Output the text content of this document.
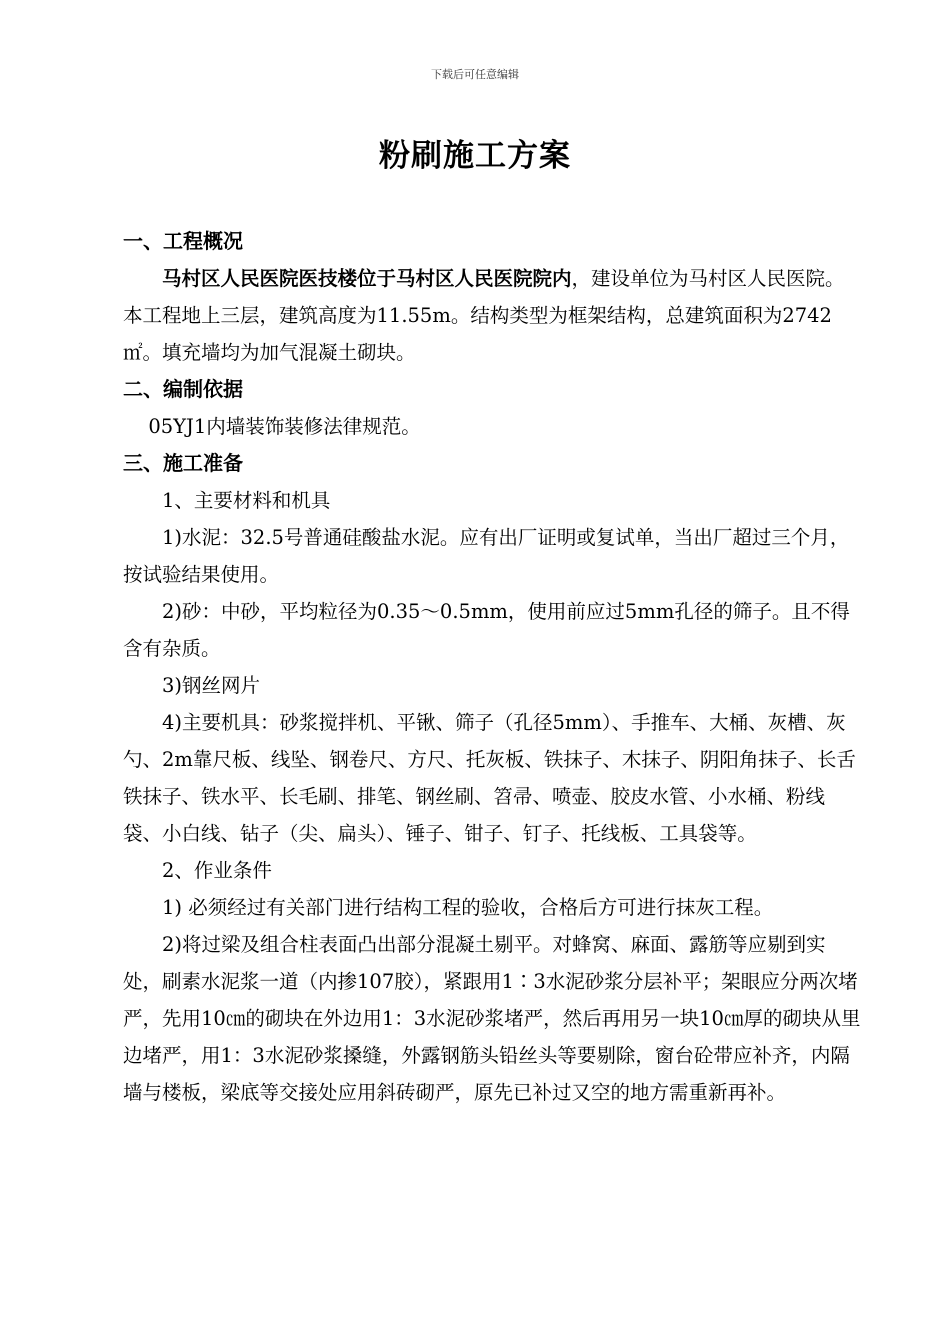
下载后可任意编辑
粉刷施工方案

一、工程概况

马村区人民医院医技楼位于马村区人民医院院内，建设单位为马村区人民医院。本工程地上三层，建筑高度为11.55m。结构类型为框架结构，总建筑面积为2742㎡。填充墙均为加气混凝土砌块。

二、编制依据

05YJ1内墙装饰装修法律规范。

三、施工准备

1、主要材料和机具

1)水泥：32.5号普通硅酸盐水泥。应有出厂证明或复试单，当出厂超过三个月，按试验结果使用。

2)砂：中砂，平均粒径为0.35～0.5mm，使用前应过5mm孔径的筛子。且不得含有杂质。

3)钢丝网片

4)主要机具：砂浆搅拌机、平锹、筛子（孔径5mm）、手推车、大桶、灰槽、灰勺、2m靠尺板、线坠、钢卷尺、方尺、托灰板、铁抹子、木抹子、阴阳角抹子、长舌铁抹子、铁水平、长毛刷、排笔、钢丝刷、笤帚、喷壶、胶皮水管、小水桶、粉线袋、小白线、钻子（尖、扁头）、锤子、钳子、钉子、托线板、工具袋等。

2、作业条件

1) 必须经过有关部门进行结构工程的验收，合格后方可进行抹灰工程。

2)将过梁及组合柱表面凸出部分混凝土剔平。对蜂窝、麻面、露筋等应剔到实处，刷素水泥浆一道（内掺107胶），紧跟用1∶3水泥砂浆分层补平；架眼应分两次堵严，先用10㎝的砌块在外边用1：3水泥砂浆堵严，然后再用另一块10㎝厚的砌块从里边堵严，用1：3水泥砂浆搡缝，外露钢筋头铅丝头等要剔除，窗台砼带应补齐，内隔墙与楼板，梁底等交接处应用斜砖砌严，原先已补过又空的地方需重新再补。
